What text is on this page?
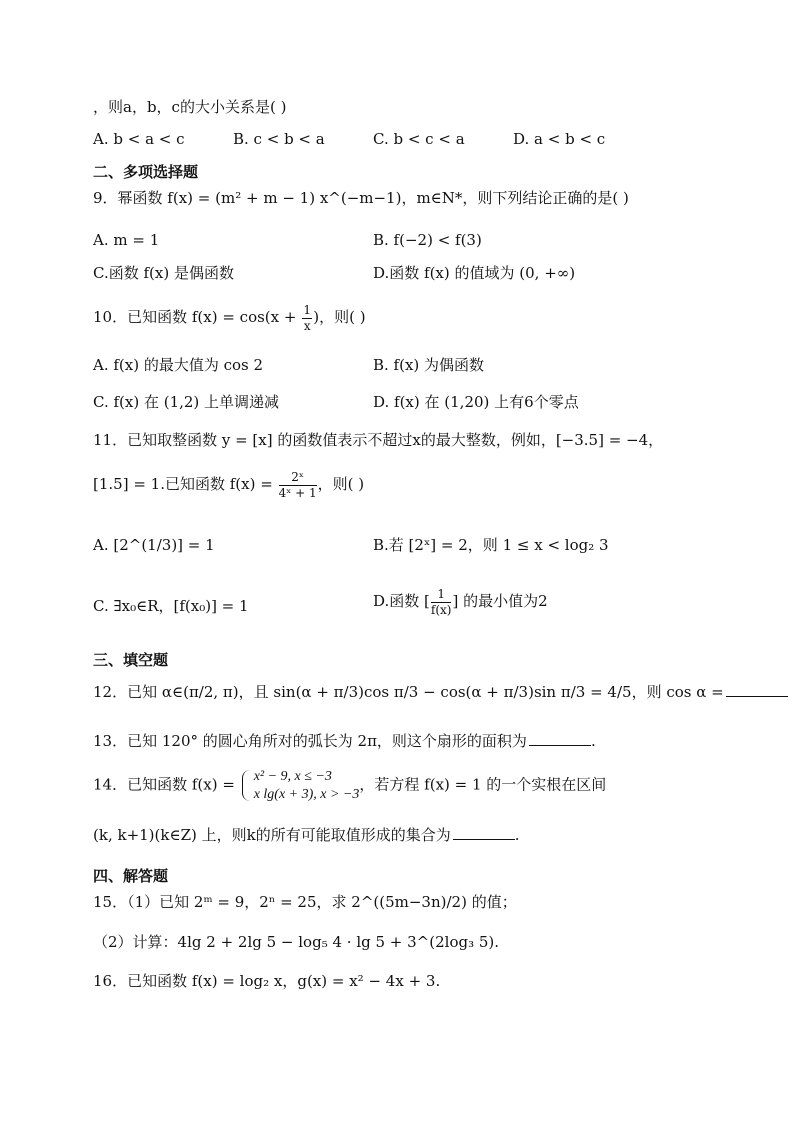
，则a，b，c的大小关系是( )
A. b < a < c	B. c < b < a	C. b < c < a	D. a < b < c
二、多项选择题
9．幂函数 f(x) = (m² + m − 1) x^(−m−1)，m∈N*，则下列结论正确的是( )
A. m = 1	B. f(−2) < f(3)
C.函数 f(x) 是偶函数	D.函数 f(x) 的值域为 (0, +∞)
10．已知函数 $f(x) = \cos(x + \frac{1}{x}$ )，则( )
A. f(x) 的最大值为 cos 2	B. f(x) 为偶函数
C. f(x) 在 (1,2) 上单调递减	D. f(x) 在 (1,20) 上有6个零点
11．已知取整函数 y = [x] 的函数值表示不超过x的最大整数，例如，[−3.5] = −4，
[1.5] = 1.已知函数 $f(x) = \frac{\text{2ˣ}}{\text{4ˣ + 1}}$ ，则( )
A. [2^(1/3)] = 1	B.若 [2ˣ] = 2，则 1 ≤ x < log₂ 3
C. ∃x₀∈R，[f(x₀)] = 1	D.函数 [ $\frac{1}{f(x)}$ ] 的最小值为2
三、填空题
12．已知 α∈(π/2, π)，且 sin(α + π/3)cos π/3 − cos(α + π/3)sin π/3 = 4/5，则 cos α =
13．已知 120° 的圆心角所对的弧长为 2π，则这个扇形的面积为	.
14．已知函数 f(x) = x² − 9, x ≤ −3
x lg(x + 3), x > −3，若方程 f(x) = 1 的一个实根在区间
(k, k+1)(k∈Z) 上，则k的所有可能取值形成的集合为	.
四、解答题
15．（1）已知 2ᵐ = 9，2ⁿ = 25，求 2^((5m−3n)/2) 的值；
（2）计算：4lg 2 + 2lg 5 − log₅ 4 · lg 5 + 3^(2log₃ 5).
16．已知函数 f(x) = log₂ x，g(x) = x² − 4x + 3.
